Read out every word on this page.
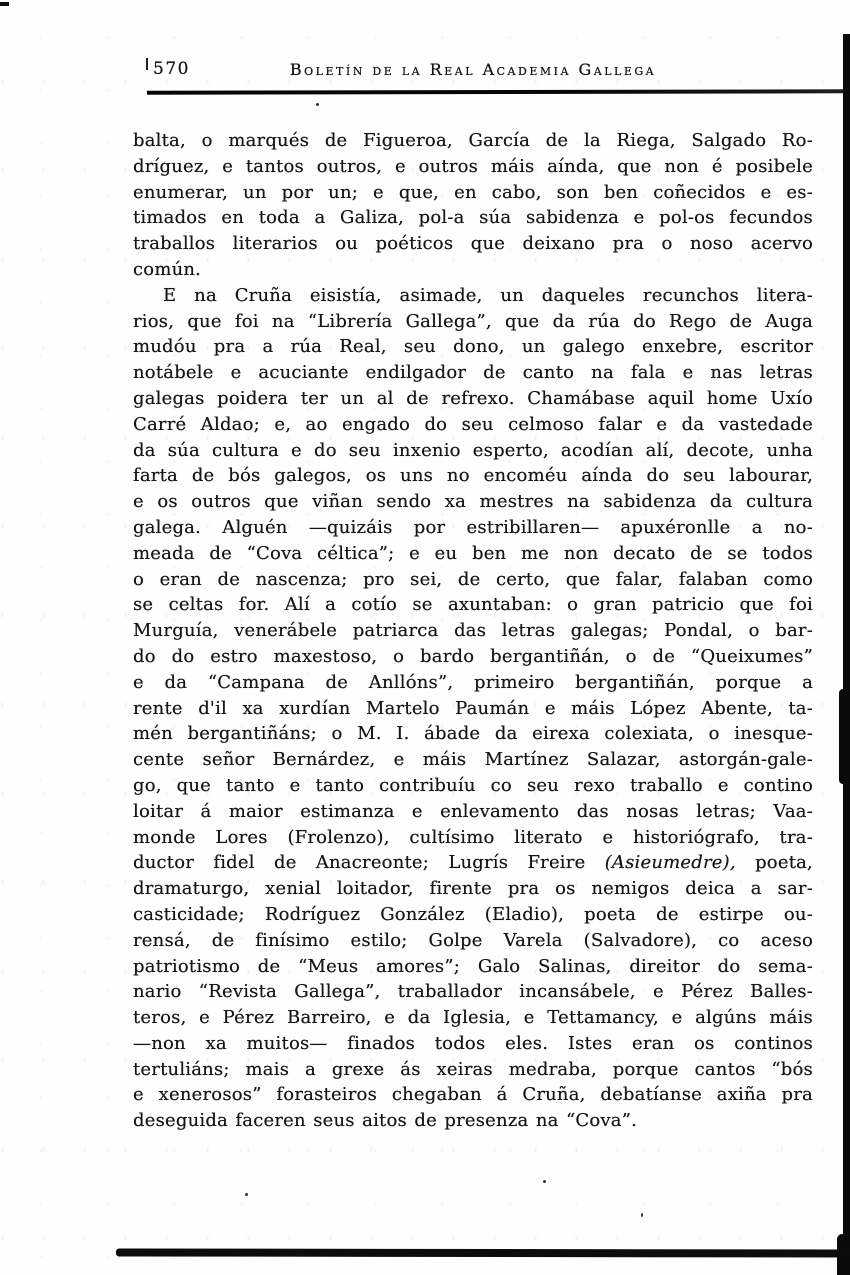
570	Boletín de la Real Academia Gallega
balta, o marqués de Figueroa, García de la Riega, Salgado Ro-
dríguez, e tantos outros, e outros máis aínda, que non é posibele
enumerar, un por un; e que, en cabo, son ben coñecidos e es-
timados en toda a Galiza, pol-a súa sabidenza e pol-os fecundos
traballos literarios ou poéticos que deixano pra o noso acervo
común.
E na Cruña eisistía, asimade, un daqueles recunchos litera-
rios, que foi na “Librería Gallega”, que da rúa do Rego de Auga
mudóu pra a rúa Real, seu dono, un galego enxebre, escritor
notábele e acuciante endilgador de canto na fala e nas letras
galegas poidera ter un al de refrexo. Chamábase aquil home Uxío
Carré Aldao; e, ao engado do seu celmoso falar e da vastedade
da súa cultura e do seu inxenio esperto, acodían alí, decote, unha
farta de bós galegos, os uns no encoméu aínda do seu labourar,
e os outros que viñan sendo xa mestres na sabidenza da cultura
galega. Alguén —quizáis por estribillaren— apuxéronlle a no-
meada de “Cova céltica”; e eu ben me non decato de se todos
o eran de nascenza; pro sei, de certo, que falar, falaban como
se celtas for. Alí a cotío se axuntaban: o gran patricio que foi
Murguía, venerábele patriarca das letras galegas; Pondal, o bar-
do do estro maxestoso, o bardo bergantiñán, o de “Queixumes”
e da “Campana de Anllóns”, primeiro bergantiñán, porque a
rente d'il xa xurdían Martelo Paumán e máis López Abente, ta-
mén bergantiñáns; o M. I. ábade da eirexa colexiata, o inesque-
cente señor Bernárdez, e máis Martínez Salazar, astorgán-gale-
go, que tanto e tanto contribuíu co seu rexo traballo e contino
loitar á maior estimanza e enlevamento das nosas letras; Vaa-
monde Lores (Frolenzo), cultísimo literato e historiógrafo, tra-
ductor fidel de Anacreonte; Lugrís Freire (Asieumedre), poeta,
dramaturgo, xenial loitador, firente pra os nemigos deica a sar-
casticidade; Rodríguez González (Eladio), poeta de estirpe ou-
rensá, de finísimo estilo; Golpe Varela (Salvadore), co aceso
patriotismo de “Meus amores”; Galo Salinas, direitor do sema-
nario “Revista Gallega”, traballador incansábele, e Pérez Balles-
teros, e Pérez Barreiro, e da Iglesia, e Tettamancy, e algúns máis
—non xa muitos— finados todos eles. Istes eran os continos
tertuliáns; mais a grexe ás xeiras medraba, porque cantos “bós
e xenerosos” forasteiros chegaban á Cruña, debatíanse axiña pra
deseguida faceren seus aitos de presenza na “Cova”.
